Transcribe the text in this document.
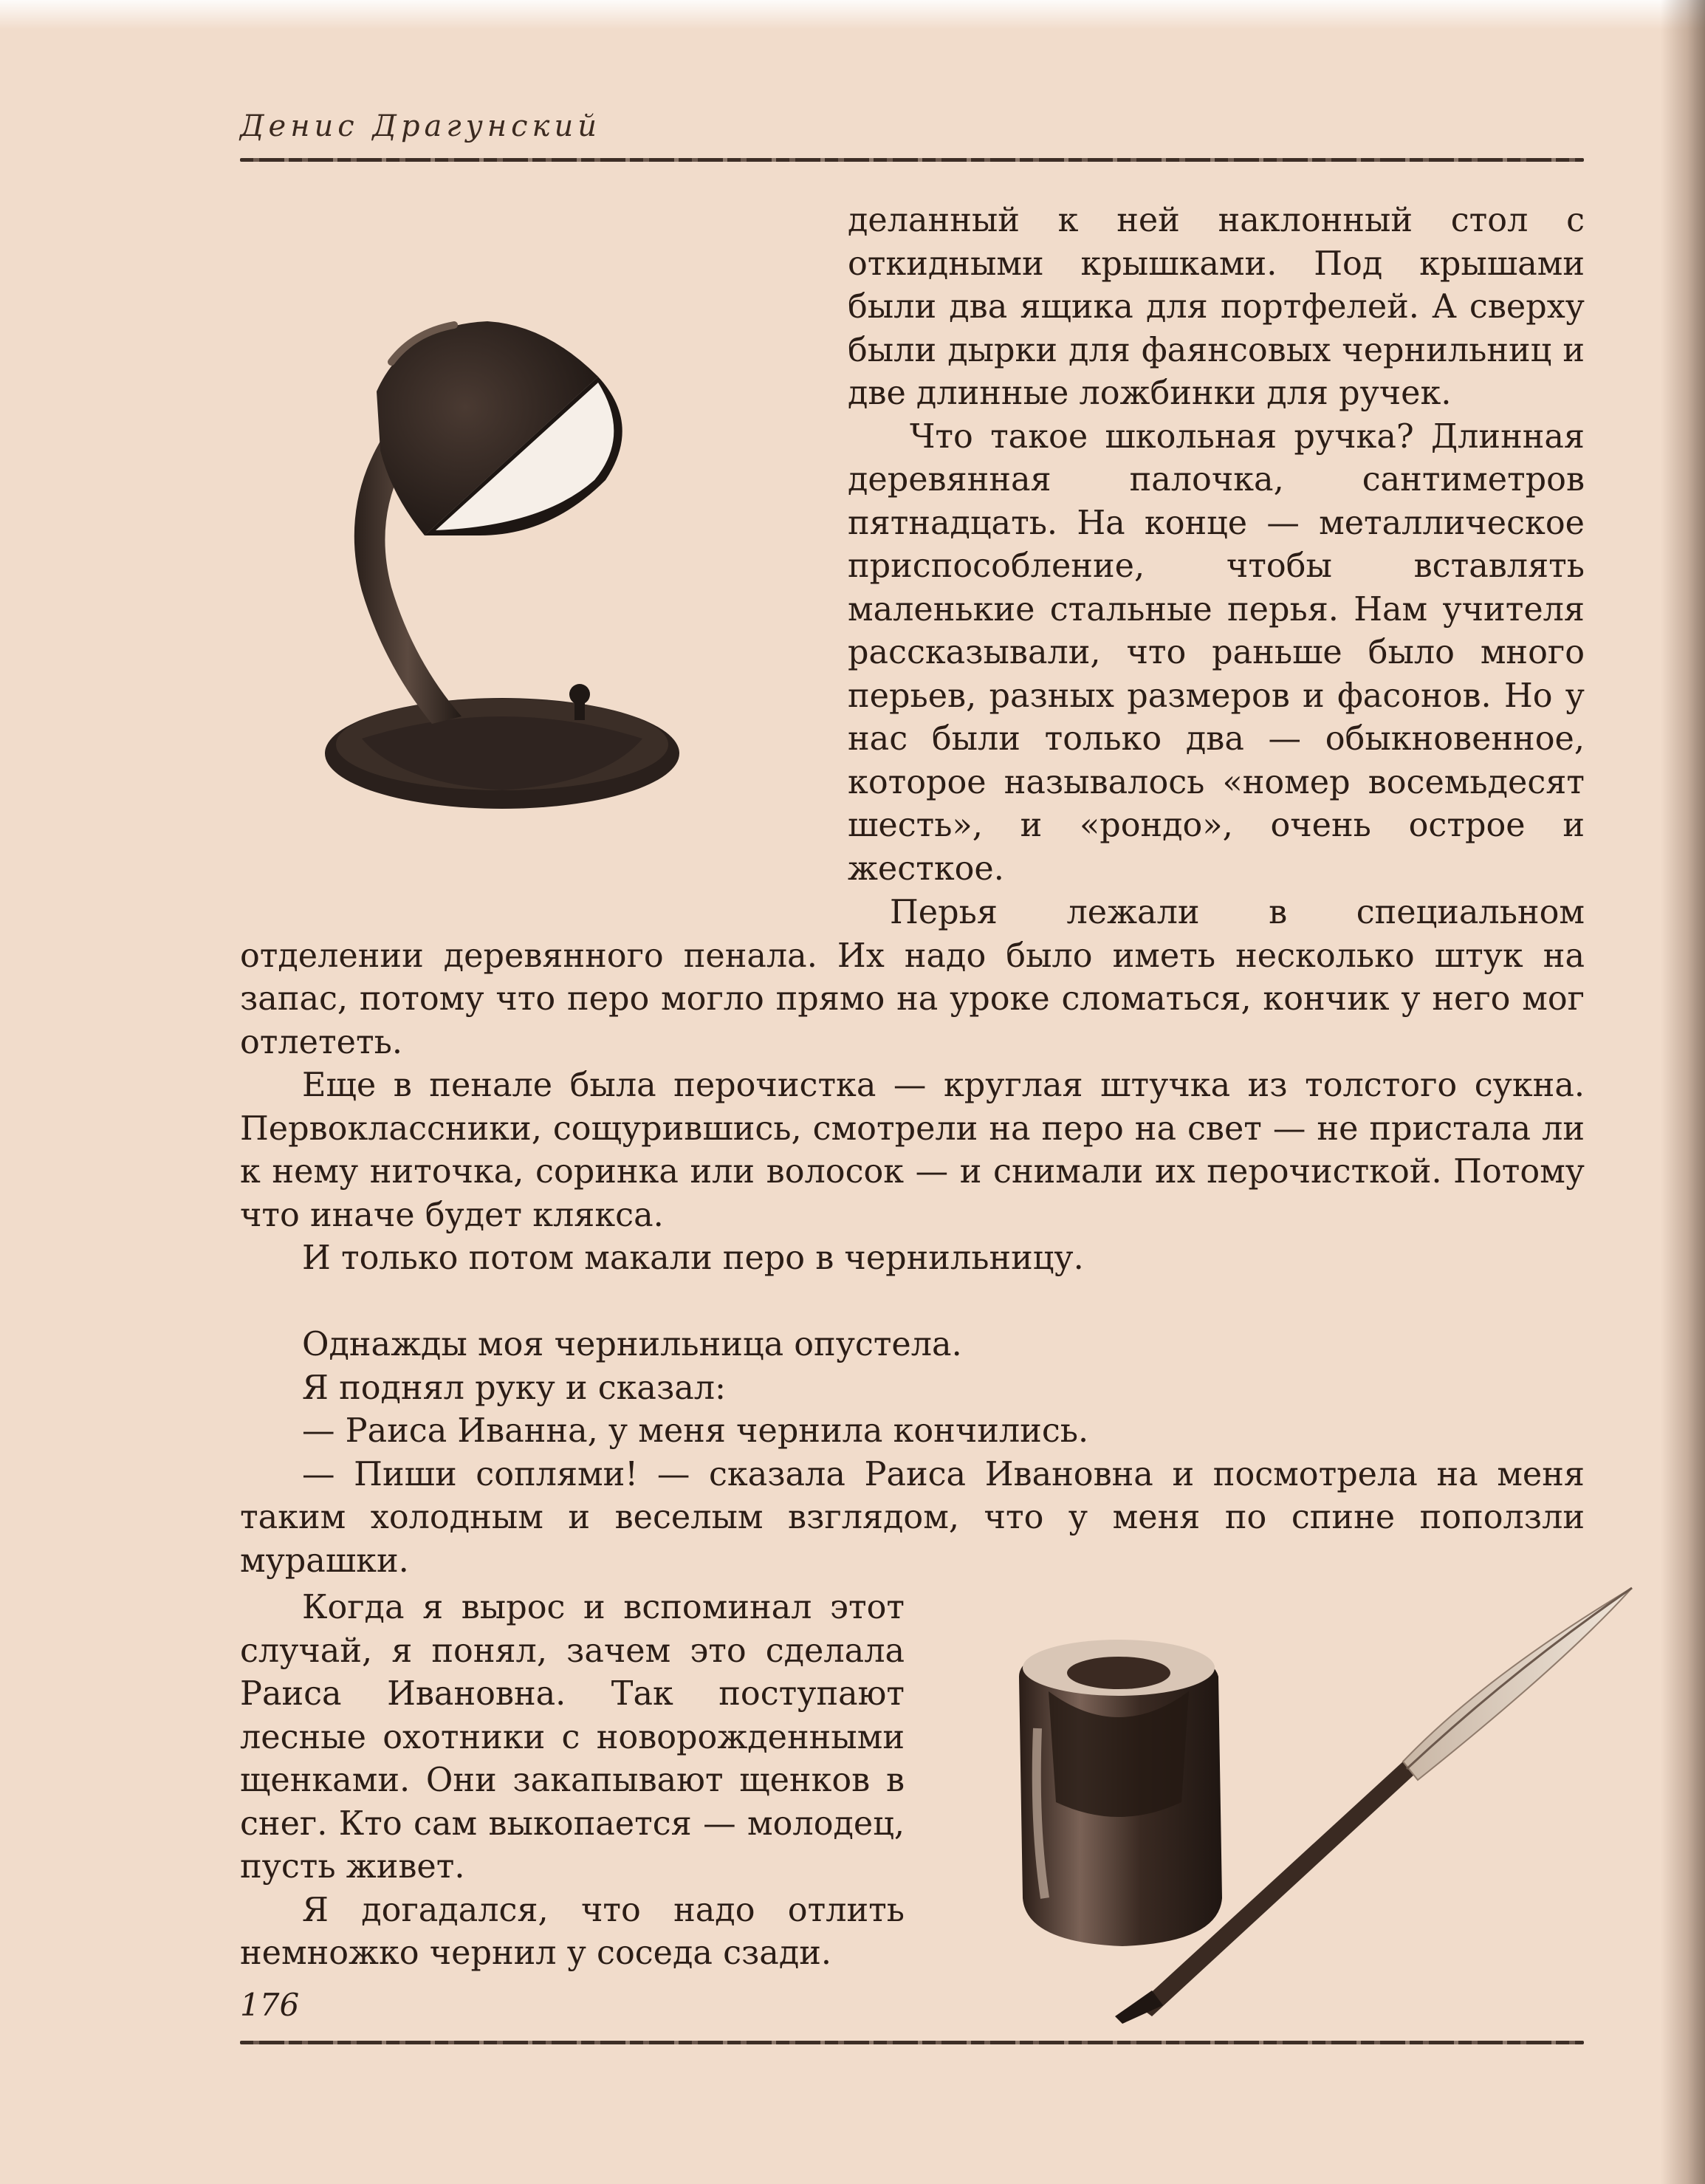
Денис Драгунский

деланный к ней наклонный стол с откидными крышками. Под крышами были два ящика для портфелей. А сверху были дырки для фаянсовых чернильниц и две длинные ложбинки для ручек.

Что такое школьная ручка? Длинная деревянная палочка, сантиметров пятнадцать. На конце — металлическое приспособление, чтобы вставлять маленькие стальные перья. Нам учителя рассказывали, что раньше было много перьев, разных размеров и фасонов. Но у нас были только два — обыкновенное, которое называлось «номер восемьдесят шесть», и «рондо», очень острое и жесткое.

Перья лежали в специальном отделении деревянного пенала. Их надо было иметь несколько штук на запас, потому что перо могло прямо на уроке сломаться, кончик у него мог отлететь.

Еще в пенале была перочистка — круглая штучка из толстого сукна. Первоклассники, сощурившись, смотрели на перо на свет — не пристала ли к нему ниточка, соринка или волосок — и снимали их перочисткой. Потому что иначе будет клякса.

И только потом макали перо в чернильницу.

Однажды моя чернильница опустела.

Я поднял руку и сказал:

— Раиса Иванна, у меня чернила кончились.

— Пиши соплями! — сказала Раиса Ивановна и посмотрела на меня таким холодным и веселым взглядом, что у меня по спине поползли мурашки.

Когда я вырос и вспоминал этот случай, я понял, зачем это сделала Раиса Ивановна. Так поступают лесные охотники с новорожденными щенками. Они закапывают щенков в снег. Кто сам выкопается — молодец, пусть живет.

Я догадался, что надо отлить немножко чернил у соседа сзади.

176
